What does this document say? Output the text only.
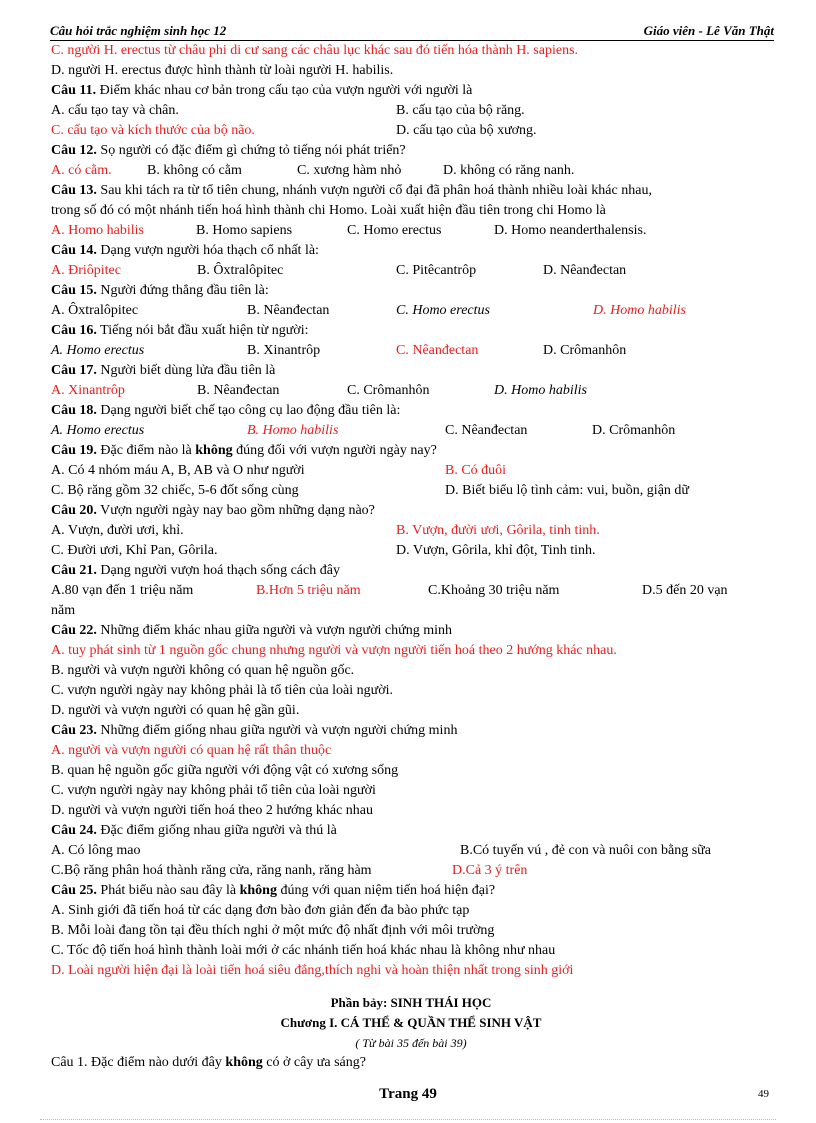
Câu hỏi trắc nghiệm sinh học 12	Giáo viên - Lê Văn Thật
C. người H. erectus từ châu phi di cư sang các châu lục khác sau đó tiến hóa thành H. sapiens.
D. người H. erectus được hình thành từ loài người H. habilis.
Câu 11. Điểm khác nhau cơ bản trong cấu tạo của vượn người với người là
A. cấu tạo tay và chân.	B. cấu tạo của bộ răng.
C. cấu tạo và kích thước của bộ não.	D. cấu tạo của bộ xương.
Câu 12. Sọ người có đặc điểm gì chứng tỏ tiếng nói phát triển?
A. có cằm.	B. không có cằm	C. xương hàm nhỏ	D. không có răng nanh.
Câu 13. Sau khi tách ra từ tổ tiên chung, nhánh vượn người cổ đại đã phân hoá thành nhiều loài khác nhau,
trong số đó có một nhánh tiến hoá hình thành chi Homo. Loài xuất hiện đầu tiên trong chi Homo là
A. Homo habilis	B. Homo sapiens	C. Homo erectus	D. Homo neanderthalensis.
Câu 14. Dạng vượn người hóa thạch cổ nhất là:
A. Đriôpitec	B. Ôxtralôpitec	C. Pitêcantrôp	D. Nêanđectan
Câu 15. Người đứng thẳng đầu tiên là:
A. Ôxtralôpitec	B. Nêanđectan	C. Homo erectus	D. Homo habilis
Câu 16. Tiếng nói bắt đầu xuất hiện từ người:
A. Homo erectus	B. Xinantrôp	C. Nêanđectan	D. Crômanhôn
Câu 17. Người biết dùng lửa đầu tiên là
A. Xinantrôp	B. Nêanđectan	C. Crômanhôn	D. Homo habilis
Câu 18. Dạng người biết chế tạo công cụ lao động đầu tiên là:
A. Homo erectus	B. Homo habilis	C. Nêanđectan	D. Crômanhôn
Câu 19. Đặc điểm nào là không đúng đối với vượn người ngày nay?
A. Có 4 nhóm máu A, B, AB và O như người	B. Có đuôi
C. Bộ răng gồm 32 chiếc, 5-6 đốt sống cùng	D. Biết biểu lộ tình cảm: vui, buồn, giận dữ
Câu 20. Vượn người ngày nay bao gồm những dạng nào?
A. Vượn, đười ươi, khỉ.	B. Vượn, đười ươi, Gôrila, tinh tinh.
C. Đười ươi, Khỉ Pan, Gôrila.	D. Vượn, Gôrila, khỉ đột, Tinh tinh.
Câu 21. Dạng người vượn hoá thạch sống cách đây
A.80 vạn đến 1 triệu năm	B.Hơn 5 triệu năm	C.Khoảng 30 triệu năm	D.5 đến 20 vạn
năm
Câu 22. Những điểm khác nhau giữa người và vượn người chứng minh
A. tuy phát sinh từ 1 nguồn gốc chung nhưng người và vượn người tiến hoá theo 2 hướng khác nhau.
B. người và vượn người không có quan hệ nguồn gốc.
C. vượn người ngày nay không phải là tổ tiên của loài người.
D. người và vượn người có quan hệ gần gũi.
Câu 23. Những điểm giống nhau giữa người và vượn người chứng minh
A. người và vượn người có quan hệ rất thân thuộc
B. quan hệ nguồn gốc giữa người với động vật có xương sống
C. vượn người ngày nay không phải tổ tiên của loài người
D. người và vượn người tiến hoá theo 2 hướng khác nhau
Câu 24. Đặc điểm giống nhau giữa người và thú là
A. Có lông mao	B.Có tuyến vú , đẻ con và nuôi con bằng sữa
C.Bộ răng phân hoá thành răng cửa, răng nanh, răng hàm	D.Cả 3 ý trên
Câu 25. Phát biểu nào sau đây là không đúng với quan niệm tiến hoá hiện đại?
A. Sinh giới đã tiến hoá từ các dạng đơn bào đơn giản đến đa bào phức tạp
B. Mỗi loài đang tồn tại đều thích nghi ở một mức độ nhất định với môi trường
C. Tốc độ tiến hoá hình thành loài mới ở các nhánh tiến hoá khác nhau là không như nhau
D. Loài người hiện đại là loài tiến hoá siêu đẳng,thích nghi và hoàn thiện nhất trong sinh giới
Phần bảy: SINH THÁI HỌC
Chương I. CÁ THỂ & QUẦN THỂ SINH VẬT
( Từ bài 35 đến bài 39)
Câu 1. Đặc điểm nào dưới đây không có ở cây ưa sáng?
Trang 49	49
